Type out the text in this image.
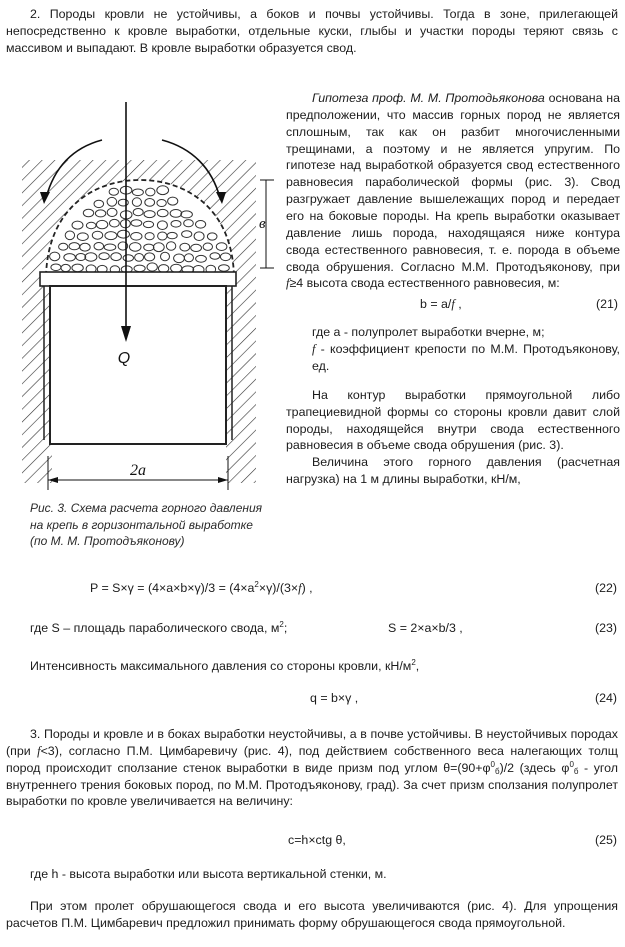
2. Породы кровли не устойчивы, а боков и почвы устойчивы. Тогда в зоне, прилегающей непосредственно к кровле выработки, отдельные куски, глыбы и участки породы теряют связь с массивом и выпадают. В кровле выработки образуется свод.

Q
в
2a
Рис. 3. Схема расчета горного давления на крепь в горизонтальной выработке (по М. М. Протодъяконову)

Гипотеза проф. М. М. Протодьяконова основана на предположении, что массив горных пород не является сплошным, так как он разбит многочисленными трещинами, а поэтому и не является упругим. По гипотезе над выработкой образуется свод естественного равновесия параболической формы (рис. 3). Свод разгружает давление вышележащих пород и передает его на боковые породы. На крепь выработки оказывает давление лишь порода, находящаяся ниже контура свода естественного равновесия, т. е. порода в объеме свода обрушения. Согласно М.М. Протодъяконову, при f≥4 высота свода естественного равновесия, м:

b = a/f ,	(21)

где а - полупролет выработки вчерне, м;

f - коэффициент крепости по М.М. Протодъяконову, ед.

На контур выработки прямоугольной либо трапециевидной формы со стороны кровли давит слой породы, находящейся внутри свода естественного равновесия в объеме свода обрушения (рис. 3).

Величина этого горного давления (расчетная нагрузка) на 1 м длины выработки, кН/м,

$P = S\times\gamma = (4\times a\times b\times\gamma)/3 = (4\times a^2\times\gamma)/(3\times f)$ ,	(22)
где S – площадь параболического свода, $м^2$;	S = 2×a×b/3 ,	(23)
Интенсивность максимального давления со стороны кровли, $кН/м^2$,
q = b×γ ,	(24)

3. Породы и кровле и в боках выработки неустойчивы, а в почве устойчивы. В неустойчивых породах (при f<3), согласно П.М. Цимбаревичу (рис. 4), под действием собственного веса налегающих толщ пород происходит сползание стенок выработки в виде призм под углом $\theta=(90+\varphi^0_б)/2$ (здесь $\varphi^0_б$ - угол внутреннего трения боковых пород, по М.М. Протодъяконову, град). За счет призм сползания полупролет выработки по кровле увеличивается на величину:

c=h×ctg θ,	(25)
где h - высота выработки или высота вертикальной стенки, м.

При этом пролет обрушающегося свода и его высота увеличиваются (рис. 4). Для упрощения расчетов П.М. Цимбаревич предложил принимать форму обрушающегося свода прямоугольной.
